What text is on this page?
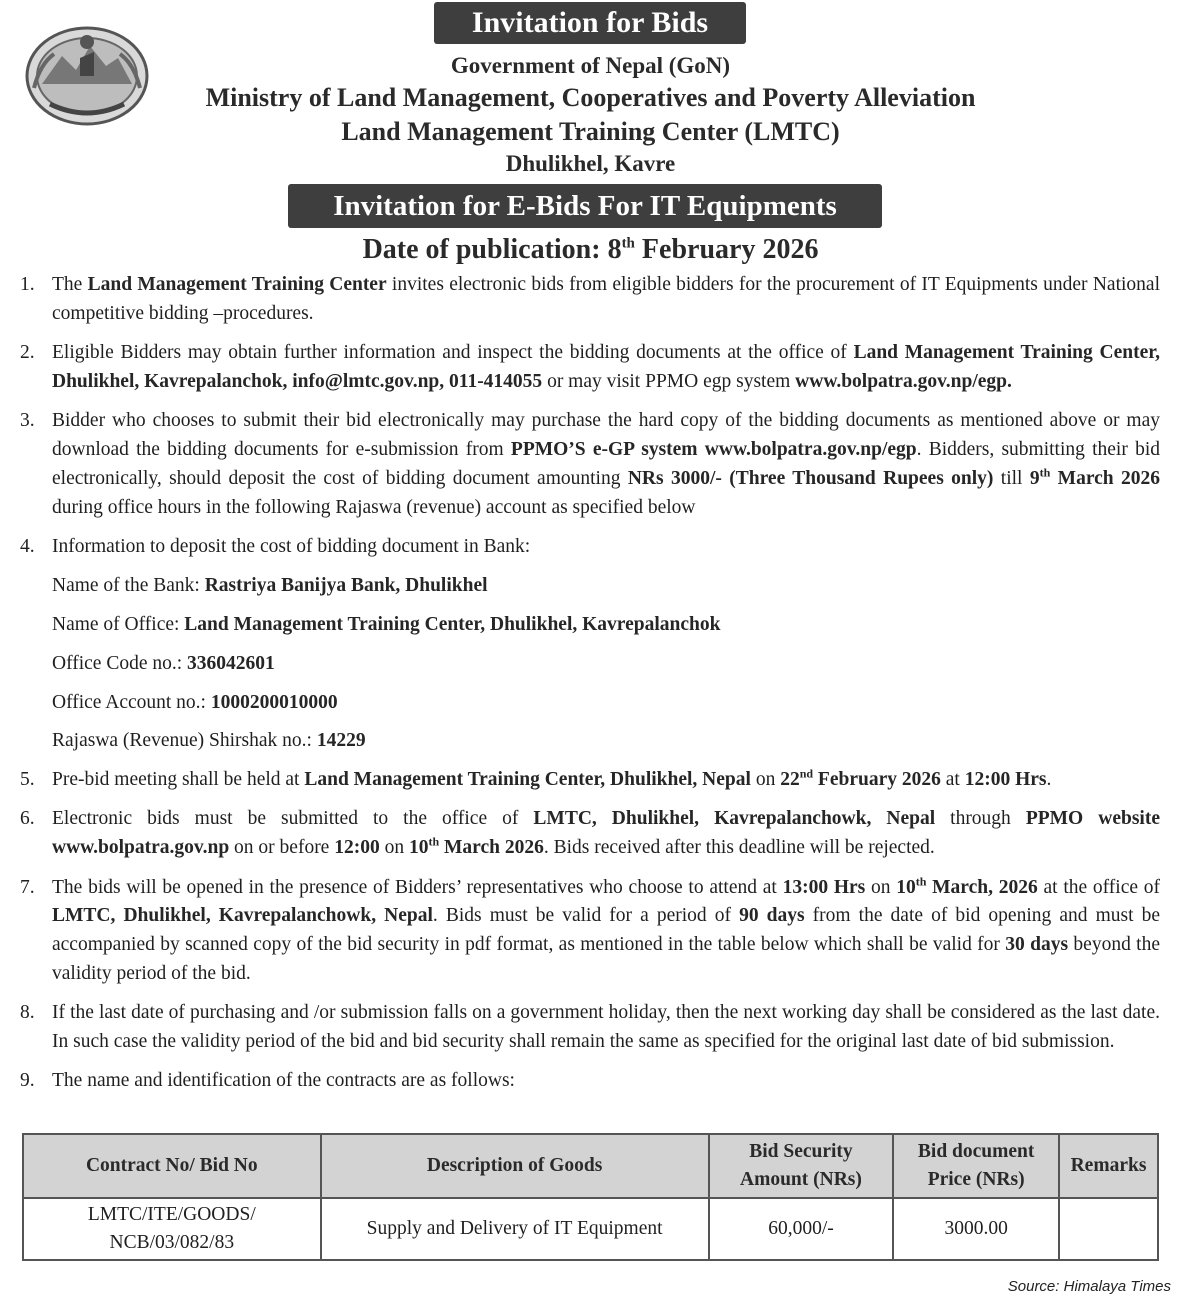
Invitation for Bids
Government of Nepal (GoN)
Ministry of Land Management, Cooperatives and Poverty Alleviation
Land Management Training Center (LMTC)
Dhulikhel, Kavre
Invitation for E-Bids For IT Equipments
Date of publication: 8th February 2026
1. The Land Management Training Center invites electronic bids from eligible bidders for the procurement of IT Equipments under National competitive bidding –procedures.
2. Eligible Bidders may obtain further information and inspect the bidding documents at the office of Land Management Training Center, Dhulikhel, Kavrepalanchok, info@lmtc.gov.np, 011-414055 or may visit PPMO egp system www.bolpatra.gov.np/egp.
3. Bidder who chooses to submit their bid electronically may purchase the hard copy of the bidding documents as mentioned above or may download the bidding documents for e-submission from PPMO’S e-GP system www.bolpatra.gov.np/egp. Bidders, submitting their bid electronically, should deposit the cost of bidding document amounting NRs 3000/- (Three Thousand Rupees only) till 9th March 2026 during office hours in the following Rajaswa (revenue) account as specified below
4. Information to deposit the cost of bidding document in Bank:
Name of the Bank: Rastriya Banijya Bank, Dhulikhel
Name of Office: Land Management Training Center, Dhulikhel, Kavrepalanchok
Office Code no.: 336042601
Office Account no.: 1000200010000
Rajaswa (Revenue) Shirshak no.: 14229
5. Pre-bid meeting shall be held at Land Management Training Center, Dhulikhel, Nepal on 22nd February 2026 at 12:00 Hrs.
6. Electronic bids must be submitted to the office of LMTC, Dhulikhel, Kavrepalanchowk, Nepal through PPMO website www.bolpatra.gov.np on or before 12:00 on 10th March 2026. Bids received after this deadline will be rejected.
7. The bids will be opened in the presence of Bidders’ representatives who choose to attend at 13:00 Hrs on 10th March, 2026 at the office of LMTC, Dhulikhel, Kavrepalanchowk, Nepal. Bids must be valid for a period of 90 days from the date of bid opening and must be accompanied by scanned copy of the bid security in pdf format, as mentioned in the table below which shall be valid for 30 days beyond the validity period of the bid.
8. If the last date of purchasing and /or submission falls on a government holiday, then the next working day shall be considered as the last date. In such case the validity period of the bid and bid security shall remain the same as specified for the original last date of bid submission.
9. The name and identification of the contracts are as follows:
Contract No/ Bid No	Description of Goods	Bid Security Amount (NRs)	Bid document Price (NRs)	Remarks
LMTC/ITE/GOODS/ NCB/03/082/83	Supply and Delivery of IT Equipment	60,000/-	3000.00	
Source: Himalaya Times
